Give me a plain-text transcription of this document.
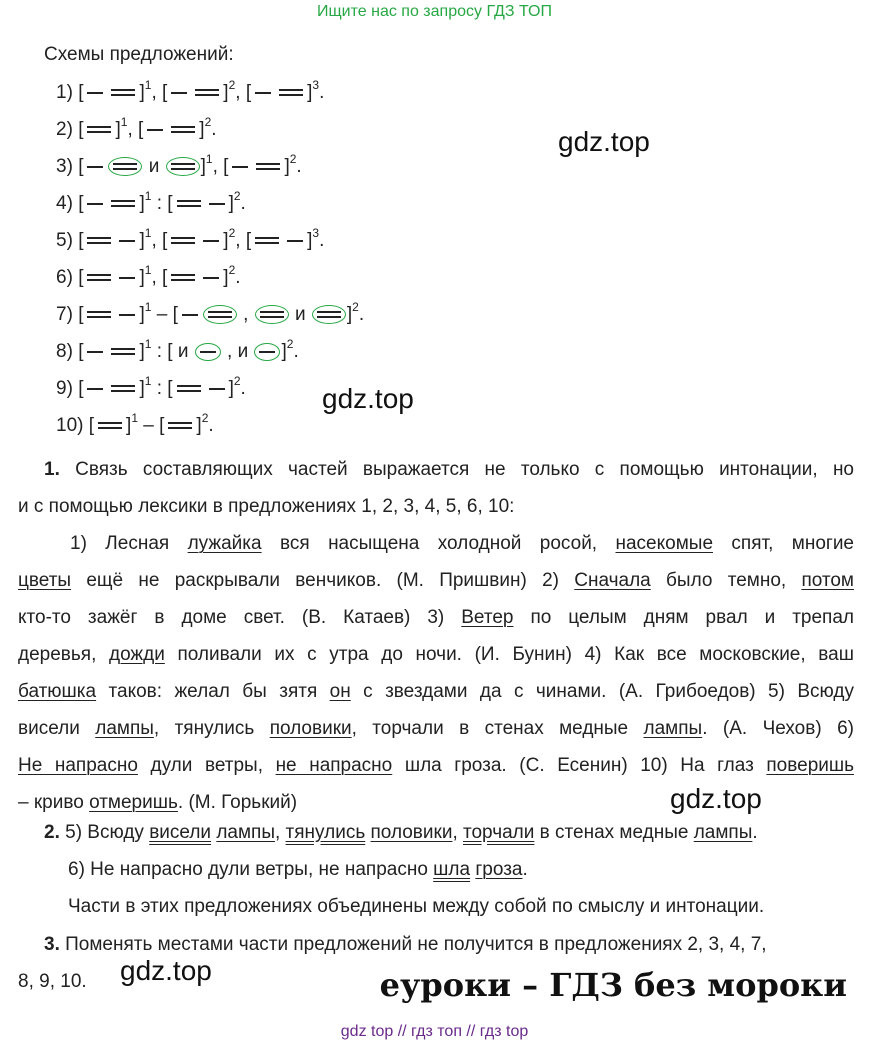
Ищите нас по запросу ГДЗ ТОП
Схемы предложений:
1) [	]$^1$, [	]$^2$, [	]$^3$.
2) [ ]$^1$, [	]$^2$.
3) [	и ]$^1$, [	]$^2$.
4) [	]$^1$ : [	]$^2$.
5) [	]$^1$, [	]$^2$, [	]$^3$.
6) [	]$^1$, [	]$^2$.
7) [	]$^1$ – [	,  и ]$^2$.
8) [	]$^1$ : [ и  , и ]$^2$.
9) [	]$^1$ : [	]$^2$.
10) [ ]$^1$ – [ ]$^2$.
gdz.top
gdz.top
gdz.top
gdz.top
1. Связь составляющих частей выражается не только с помощью интонации, но
и с помощью лексики в предложениях 1, 2, 3, 4, 5, 6, 10:
1) Лесная лужайка вся насыщена холодной росой, насекомые спят, многие
цветы ещё не раскрывали венчиков. (М. Пришвин) 2) Сначала было темно, потом
кто-то зажёг в доме свет. (В. Катаев) 3) Ветер по целым дням рвал и трепал
деревья, дожди поливали их с утра до ночи. (И. Бунин) 4) Как все московские, ваш
батюшка таков: желал бы зятя он с звездами да с чинами. (А. Грибоедов) 5) Всюду
висели лампы, тянулись половики, торчали в стенах медные лампы. (А. Чехов) 6)
Не напрасно дули ветры, не напрасно шла гроза. (С. Есенин) 10) На глаз поверишь
– криво отмеришь. (М. Горький)
2. 5) Всюду висели лампы, тянулись половики, торчали в стенах медные лампы.
6) Не напрасно дули ветры, не напрасно шла гроза.
Части в этих предложениях объединены между собой по смыслу и интонации.
3. Поменять местами части предложений не получится в предложениях 2, 3, 4, 7,
8, 9, 10.	еуроки – ГДЗ без мороки
gdz top // гдз топ // гдз top
